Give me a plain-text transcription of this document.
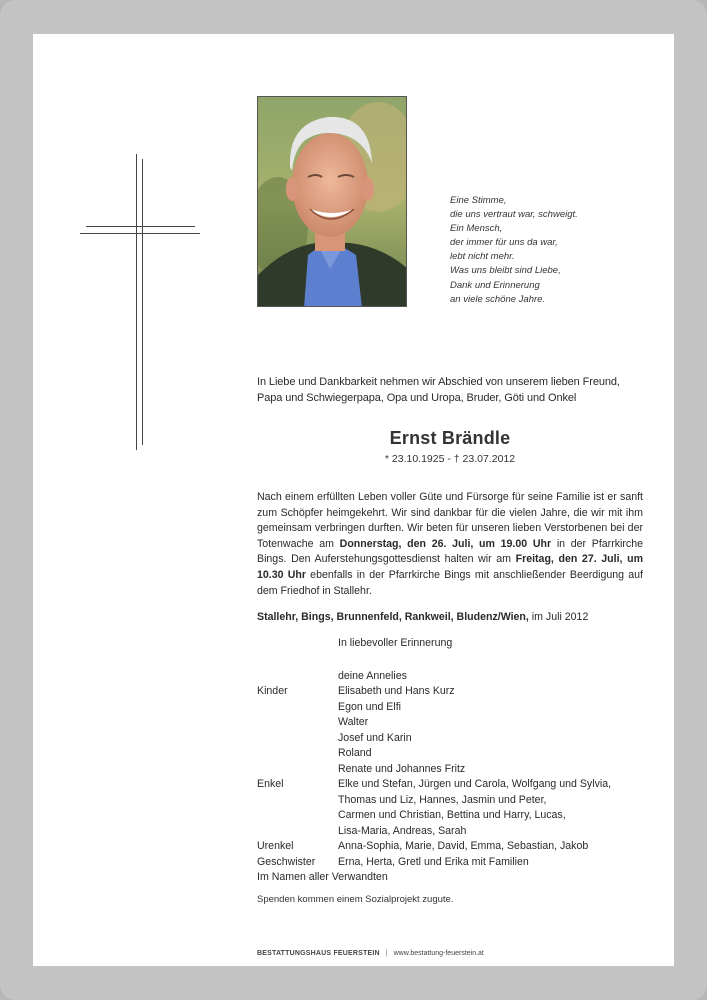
Eine Stimme,
die uns vertraut war, schweigt.
Ein Mensch,
der immer für uns da war,
lebt nicht mehr.
Was uns bleibt sind Liebe,
Dank und Erinnerung
an viele schöne Jahre.
In Liebe und Dankbarkeit nehmen wir Abschied von unserem lieben Freund,
Papa und Schwiegerpapa, Opa und Uropa, Bruder, Göti und Onkel
Ernst Brändle
* 23.10.1925 - † 23.07.2012

Nach einem erfüllten Leben voller Güte und Fürsorge für seine Familie ist er sanft zum Schöpfer heimgekehrt. Wir sind dankbar für die vielen Jahre, die wir mit ihm gemeinsam verbringen durften. Wir beten für unseren lieben Verstorbenen bei der Totenwache am Donnerstag, den 26. Juli, um 19.00 Uhr in der Pfarrkirche Bings. Den Auferstehungsgottesdienst halten wir am Freitag, den 27. Juli, um 10.30 Uhr ebenfalls in der Pfarrkirche Bings mit anschließender Beerdigung auf dem Friedhof in Stallehr.

Stallehr, Bings, Brunnenfeld, Rankweil, Bludenz/Wien, im Juli 2012
In liebevoller Erinnerung
deine Annelies
Kinder	Elisabeth und Hans Kurz
Egon und Elfi
Walter
Josef und Karin
Roland
Renate und Johannes Fritz
Enkel	Elke und Stefan, Jürgen und Carola, Wolfgang und Sylvia,
Thomas und Liz, Hannes, Jasmin und Peter,
Carmen und Christian, Bettina und Harry, Lucas,
Lisa-Maria, Andreas, Sarah
Urenkel	Anna-Sophia, Marie, David, Emma, Sebastian, Jakob
Geschwister Erna, Herta, Gretl und Erika mit Familien
Im Namen aller Verwandten
Spenden kommen einem Sozialprojekt zugute.
BESTATTUNGSHAUS FEUERSTEIN | www.bestattung-feuerstein.at
